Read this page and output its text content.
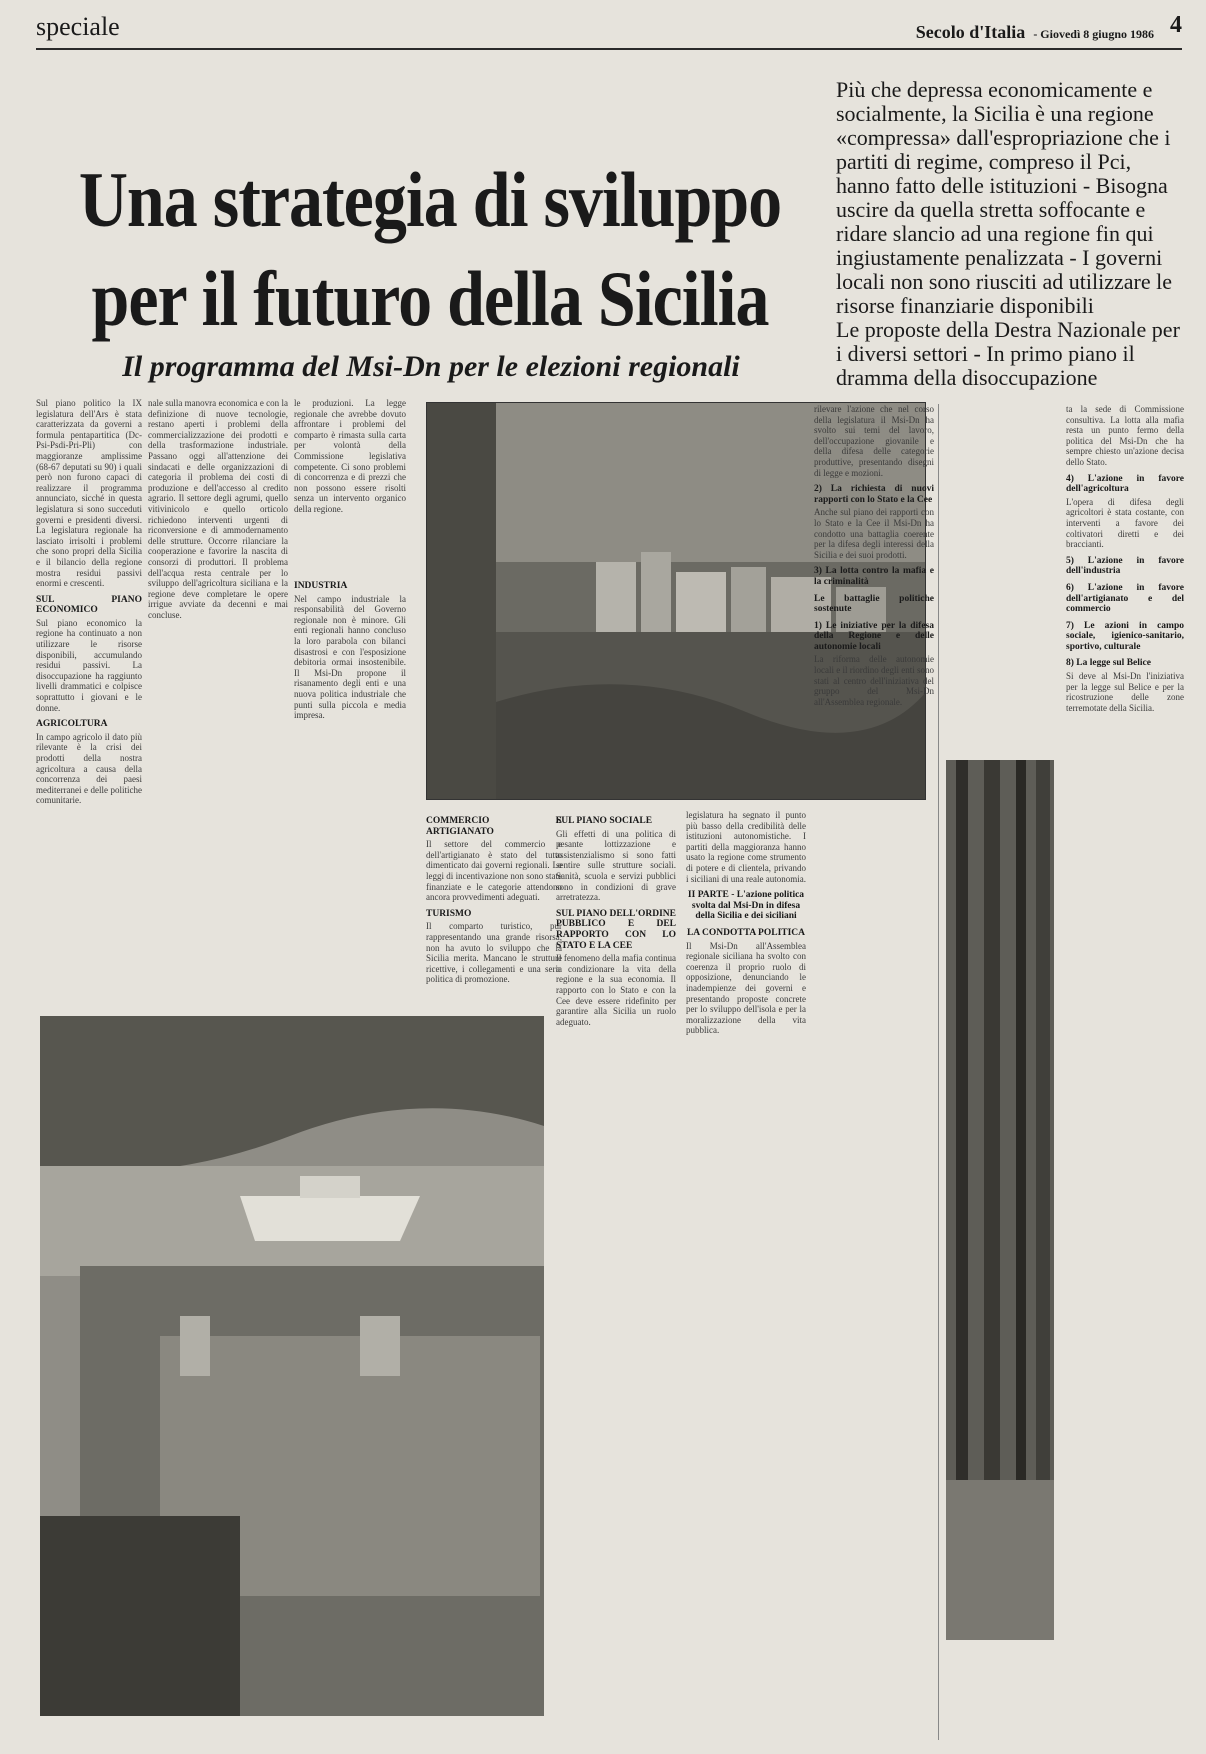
speciale	Secolo d'Italia - Giovedì 8 giugno 1986 4
Una strategia di sviluppo
per il futuro della Sicilia
Il programma del Msi-Dn per le elezioni regionali

Più che depressa economicamente e socialmente, la Sicilia è una regione «compressa» dall'espropriazione che i partiti di regime, compreso il Pci, hanno fatto delle istituzioni - Bisogna uscire da quella stretta soffocante e ridare slancio ad una regione fin qui ingiustamente penalizzata - I governi locali non sono riusciti ad utilizzare le risorse finanziarie disponibili

Le proposte della Destra Nazionale per i diversi settori - In primo piano il dramma della disoccupazione

Sul piano politico la IX legislatura dell'Ars è stata caratterizzata da governi a formula pentapartitica (Dc-Psi-Psdi-Pri-Pli) con maggioranze amplissime (68-67 deputati su 90) i quali però non furono capaci di realizzare il programma annunciato, sicché in questa legislatura si sono succeduti governi e presidenti diversi. La legislatura regionale ha lasciato irrisolti i problemi che sono propri della Sicilia e il bilancio della regione mostra residui passivi enormi e crescenti.

SUL PIANO ECONOMICO

Sul piano economico la regione ha continuato a non utilizzare le risorse disponibili, accumulando residui passivi. La disoccupazione ha raggiunto livelli drammatici e colpisce soprattutto i giovani e le donne.

AGRICOLTURA

In campo agricolo il dato più rilevante è la crisi dei prodotti della nostra agricoltura a causa della concorrenza dei paesi mediterranei e delle politiche comunitarie.

nale sulla manovra economica e con la definizione di nuove tecnologie, restano aperti i problemi della commercializzazione dei prodotti e della trasformazione industriale. Passano oggi all'attenzione dei sindacati e delle organizzazioni di categoria il problema dei costi di produzione e dell'accesso al credito agrario. Il settore degli agrumi, quello vitivinicolo e quello orticolo richiedono interventi urgenti di riconversione e di ammodernamento delle strutture. Occorre rilanciare la cooperazione e favorire la nascita di consorzi di produttori. Il problema dell'acqua resta centrale per lo sviluppo dell'agricoltura siciliana e la regione deve completare le opere irrigue avviate da decenni e mai concluse.

le produzioni. La legge regionale che avrebbe dovuto affrontare i problemi del comparto è rimasta sulla carta per volontà della Commissione legislativa competente. Ci sono problemi di concorrenza e di prezzi che non possono essere risolti senza un intervento organico della regione.

INDUSTRIA

Nel campo industriale la responsabilità del Governo regionale non è minore. Gli enti regionali hanno concluso la loro parabola con bilanci disastrosi e con l'esposizione debitoria ormai insostenibile. Il Msi-Dn propone il risanamento degli enti e una nuova politica industriale che punti sulla piccola e media impresa.

COMMERCIO E ARTIGIANATO

Il settore del commercio e dell'artigianato è stato del tutto dimenticato dai governi regionali. Le leggi di incentivazione non sono state finanziate e le categorie attendono ancora provvedimenti adeguati.

TURISMO

Il comparto turistico, pur rappresentando una grande risorsa, non ha avuto lo sviluppo che la Sicilia merita. Mancano le strutture ricettive, i collegamenti e una seria politica di promozione.

SUL PIANO SOCIALE

Gli effetti di una politica di pesante lottizzazione e assistenzialismo si sono fatti sentire sulle strutture sociali. Sanità, scuola e servizi pubblici sono in condizioni di grave arretratezza.

SUL PIANO DELL'ORDINE PUBBLICO E DEL RAPPORTO CON LO STATO E LA CEE

Il fenomeno della mafia continua a condizionare la vita della regione e la sua economia. Il rapporto con lo Stato e con la Cee deve essere ridefinito per garantire alla Sicilia un ruolo adeguato.

legislatura ha segnato il punto più basso della credibilità delle istituzioni autonomistiche. I partiti della maggioranza hanno usato la regione come strumento di potere e di clientela, privando i siciliani di una reale autonomia.

II PARTE - L'azione politica svolta dal Msi-Dn in difesa della Sicilia e dei siciliani

LA CONDOTTA POLITICA

Il Msi-Dn all'Assemblea regionale siciliana ha svolto con coerenza il proprio ruolo di opposizione, denunciando le inadempienze dei governi e presentando proposte concrete per lo sviluppo dell'isola e per la moralizzazione della vita pubblica.

rilevare l'azione che nel corso della legislatura il Msi-Dn ha svolto sui temi del lavoro, dell'occupazione giovanile e della difesa delle categorie produttive, presentando disegni di legge e mozioni.

2) La richiesta di nuovi rapporti con lo Stato e la Cee

Anche sul piano dei rapporti con lo Stato e la Cee il Msi-Dn ha condotto una battaglia coerente per la difesa degli interessi della Sicilia e dei suoi prodotti.

3) La lotta contro la mafia e la criminalità

Le battaglie politiche sostenute

1) Le iniziative per la difesa della Regione e delle autonomie locali

La riforma delle autonomie locali e il riordino degli enti sono stati al centro dell'iniziativa del gruppo del Msi-Dn all'Assemblea regionale.

ta la sede di Commissione consultiva. La lotta alla mafia resta un punto fermo della politica del Msi-Dn che ha sempre chiesto un'azione decisa dello Stato.

4) L'azione in favore dell'agricoltura

L'opera di difesa degli agricoltori è stata costante, con interventi a favore dei coltivatori diretti e dei braccianti.

5) L'azione in favore dell'industria

6) L'azione in favore dell'artigianato e del commercio

7) Le azioni in campo sociale, igienico-sanitario, sportivo, culturale

8) La legge sul Belice

Si deve al Msi-Dn l'iniziativa per la legge sul Belice e per la ricostruzione delle zone terremotate della Sicilia.
